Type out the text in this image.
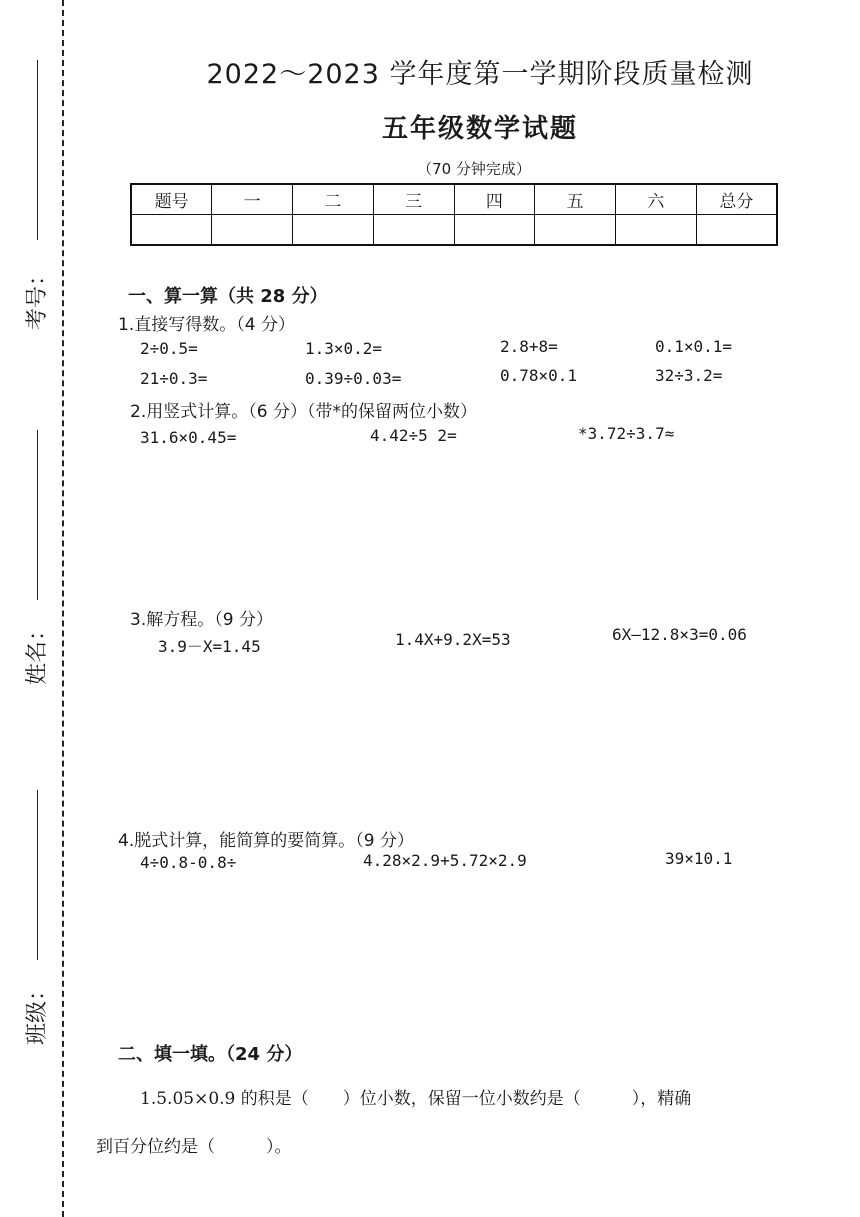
考号：
姓名：
班级：
2022～2023 学年度第一学期阶段质量检测
五年级数学试题
（70 分钟完成）
题号	一	二	三	四	五	六	总分

一、算一算（共 28 分）
1.直接写得数。（4 分）
2÷0.5=	1.3×0.2=	2.8+8=	0.1×0.1=
21÷0.3=	0.39÷0.03=	0.78×0.1	32÷3.2=
2.用竖式计算。（6 分）（带*的保留两位小数）
31.6×0.45=	4.42÷5 2=	*3.72÷3.7≈
3.解方程。（9 分）
3.9－X=1.45	1.4X+9.2X=53	6X—12.8×3=0.06
4.脱式计算，能简算的要简算。（9 分）
4÷0.8-0.8÷	4.28×2.9+5.72×2.9	39×10.1
二、填一填。（24 分）
1.5.05×0.9 的积是（　　）位小数，保留一位小数约是（　　　），精确
到百分位约是（　　　）。
